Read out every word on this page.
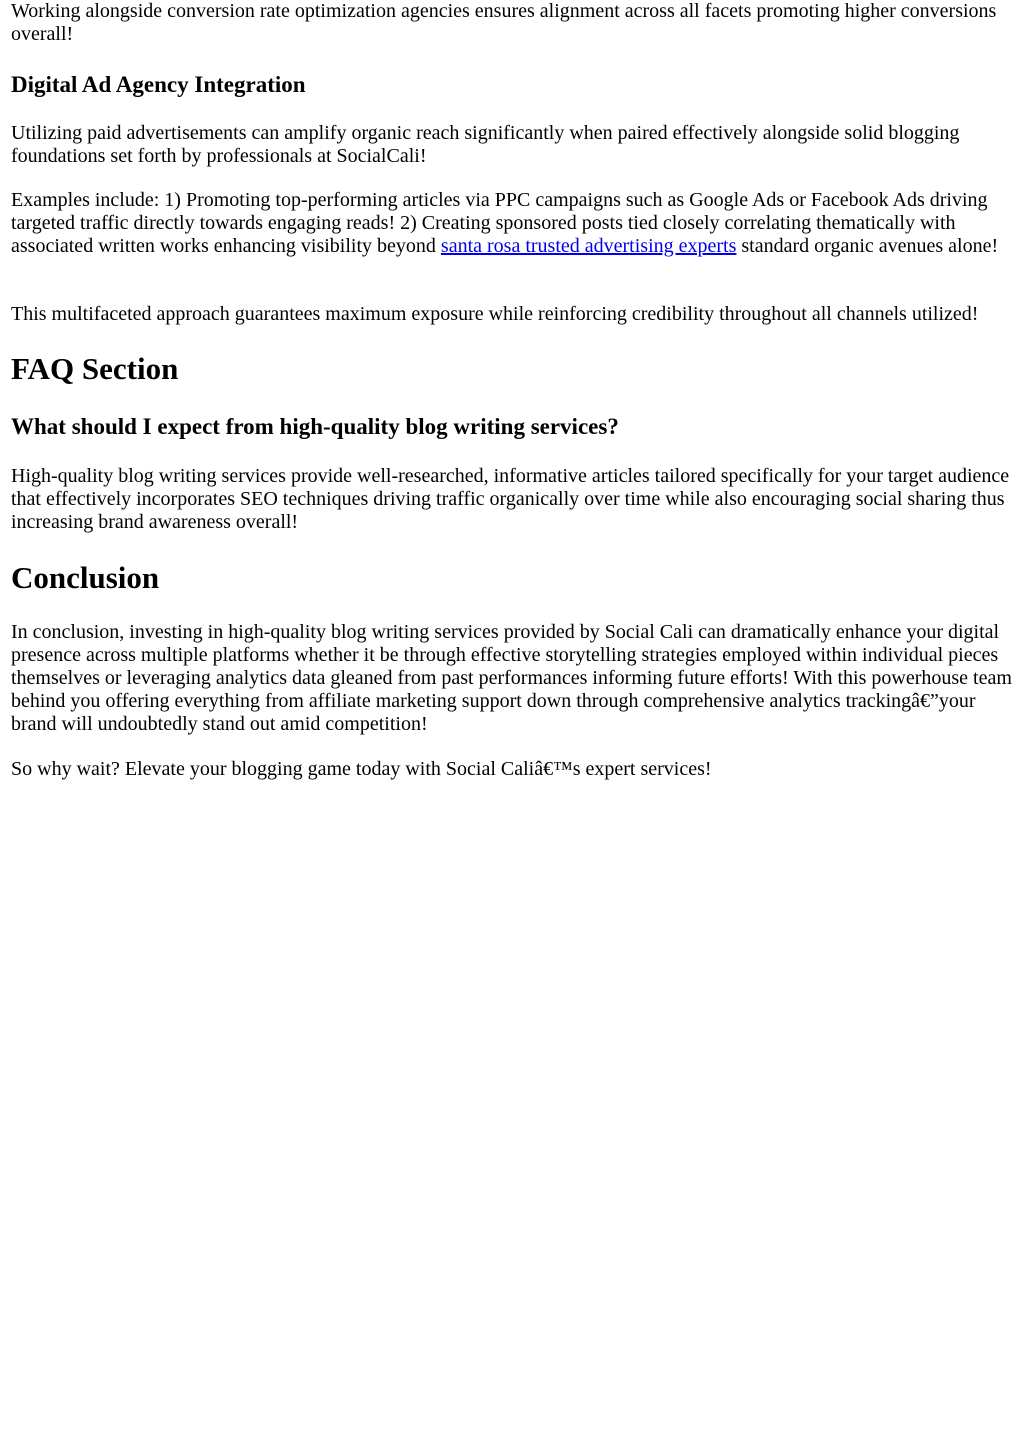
Working alongside conversion rate optimization agencies ensures alignment across all facets promoting higher conversions overall!

Digital Ad Agency Integration

Utilizing paid advertisements can amplify organic reach significantly when paired effectively alongside solid blogging foundations set forth by professionals at SocialCali!

Examples include: 1) Promoting top-performing articles via PPC campaigns such as Google Ads or Facebook Ads driving targeted traffic directly towards engaging reads! 2) Creating sponsored posts tied closely correlating thematically with associated written works enhancing visibility beyond santa rosa trusted advertising experts standard organic avenues alone!

This multifaceted approach guarantees maximum exposure while reinforcing credibility throughout all channels utilized!

FAQ Section
What should I expect from high-quality blog writing services?

High-quality blog writing services provide well-researched, informative articles tailored specifically for your target audience that effectively incorporates SEO techniques driving traffic organically over time while also encouraging social sharing thus increasing brand awareness overall!

Conclusion

In conclusion, investing in high-quality blog writing services provided by Social Cali can dramatically enhance your digital presence across multiple platforms whether it be through effective storytelling strategies employed within individual pieces themselves or leveraging analytics data gleaned from past performances informing future efforts! With this powerhouse team behind you offering everything from affiliate marketing support down through comprehensive analytics trackingâ€”your brand will undoubtedly stand out amid competition!

So why wait? Elevate your blogging game today with Social Caliâ€™s expert services!
